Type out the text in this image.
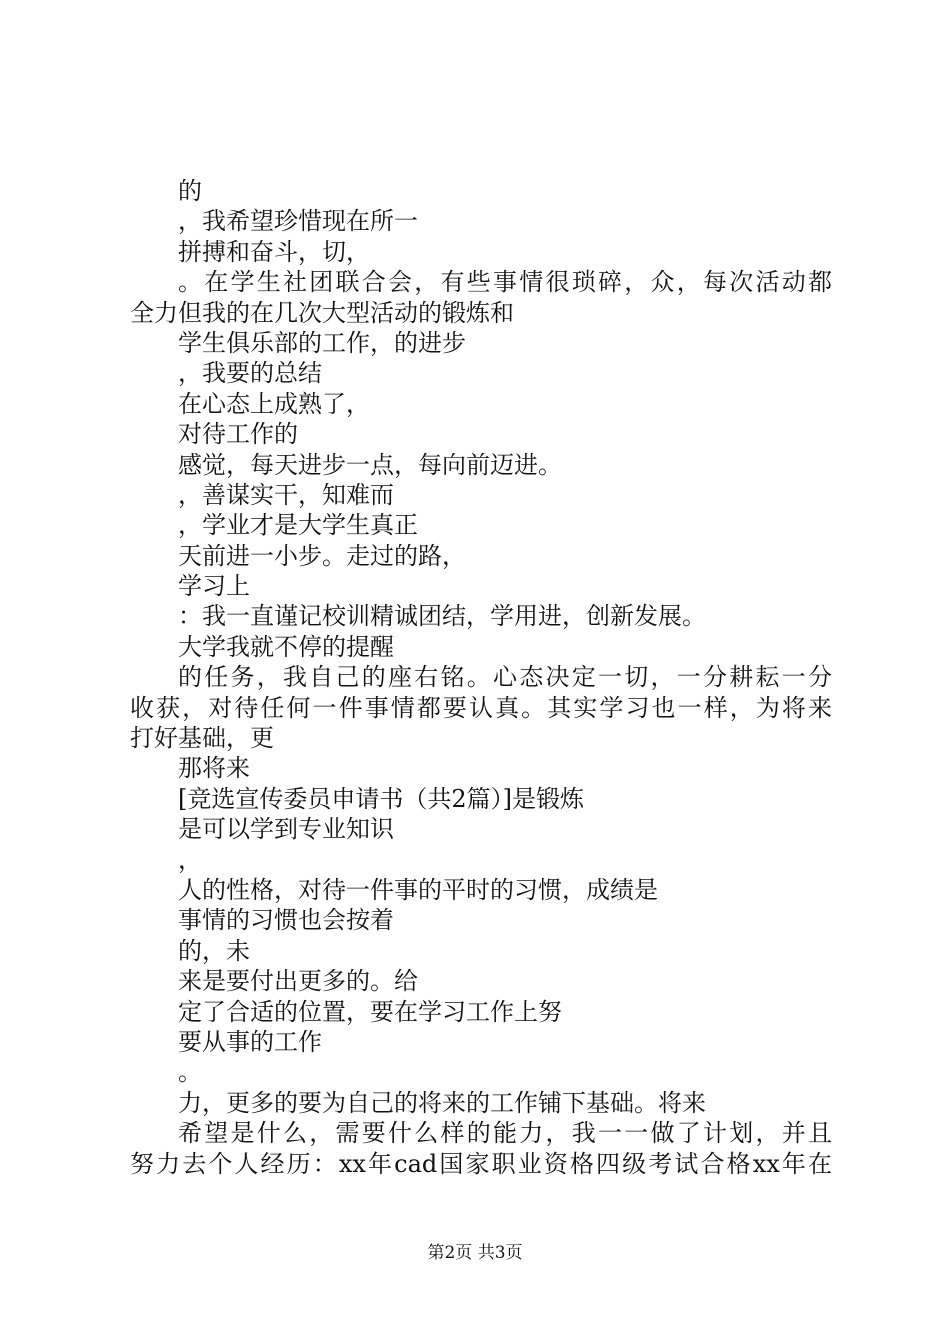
的
，我希望珍惜现在所一
拼搏和奋斗，切，
。在学生社团联合会，有些事情很琐碎，众，每次活动都
全力但我的在几次大型活动的锻炼和
学生俱乐部的工作，的进步
，我要的总结
在心态上成熟了，
对待工作的
感觉，每天进步一点，每向前迈进。
，善谋实干，知难而
，学业才是大学生真正
天前进一小步。走过的路，
学习上
：我一直谨记校训精诚团结，学用进，创新发展。
大学我就不停的提醒
的任务，我自己的座右铭。心态决定一切，一分耕耘一分
收获，对待任何一件事情都要认真。其实学习也一样，为将来
打好基础，更
那将来
[竞选宣传委员申请书（共2篇）]是锻炼
是可以学到专业知识
，
人的性格，对待一件事的平时的习惯，成绩是
事情的习惯也会按着
的，未
来是要付出更多的。给
定了合适的位置，要在学习工作上努
要从事的工作
。
力，更多的要为自己的将来的工作铺下基础。将来
希望是什么，需要什么样的能力，我一一做了计划，并且
努力去个人经历：xx年cad国家职业资格四级考试合格xx年在
第2页 共3页
